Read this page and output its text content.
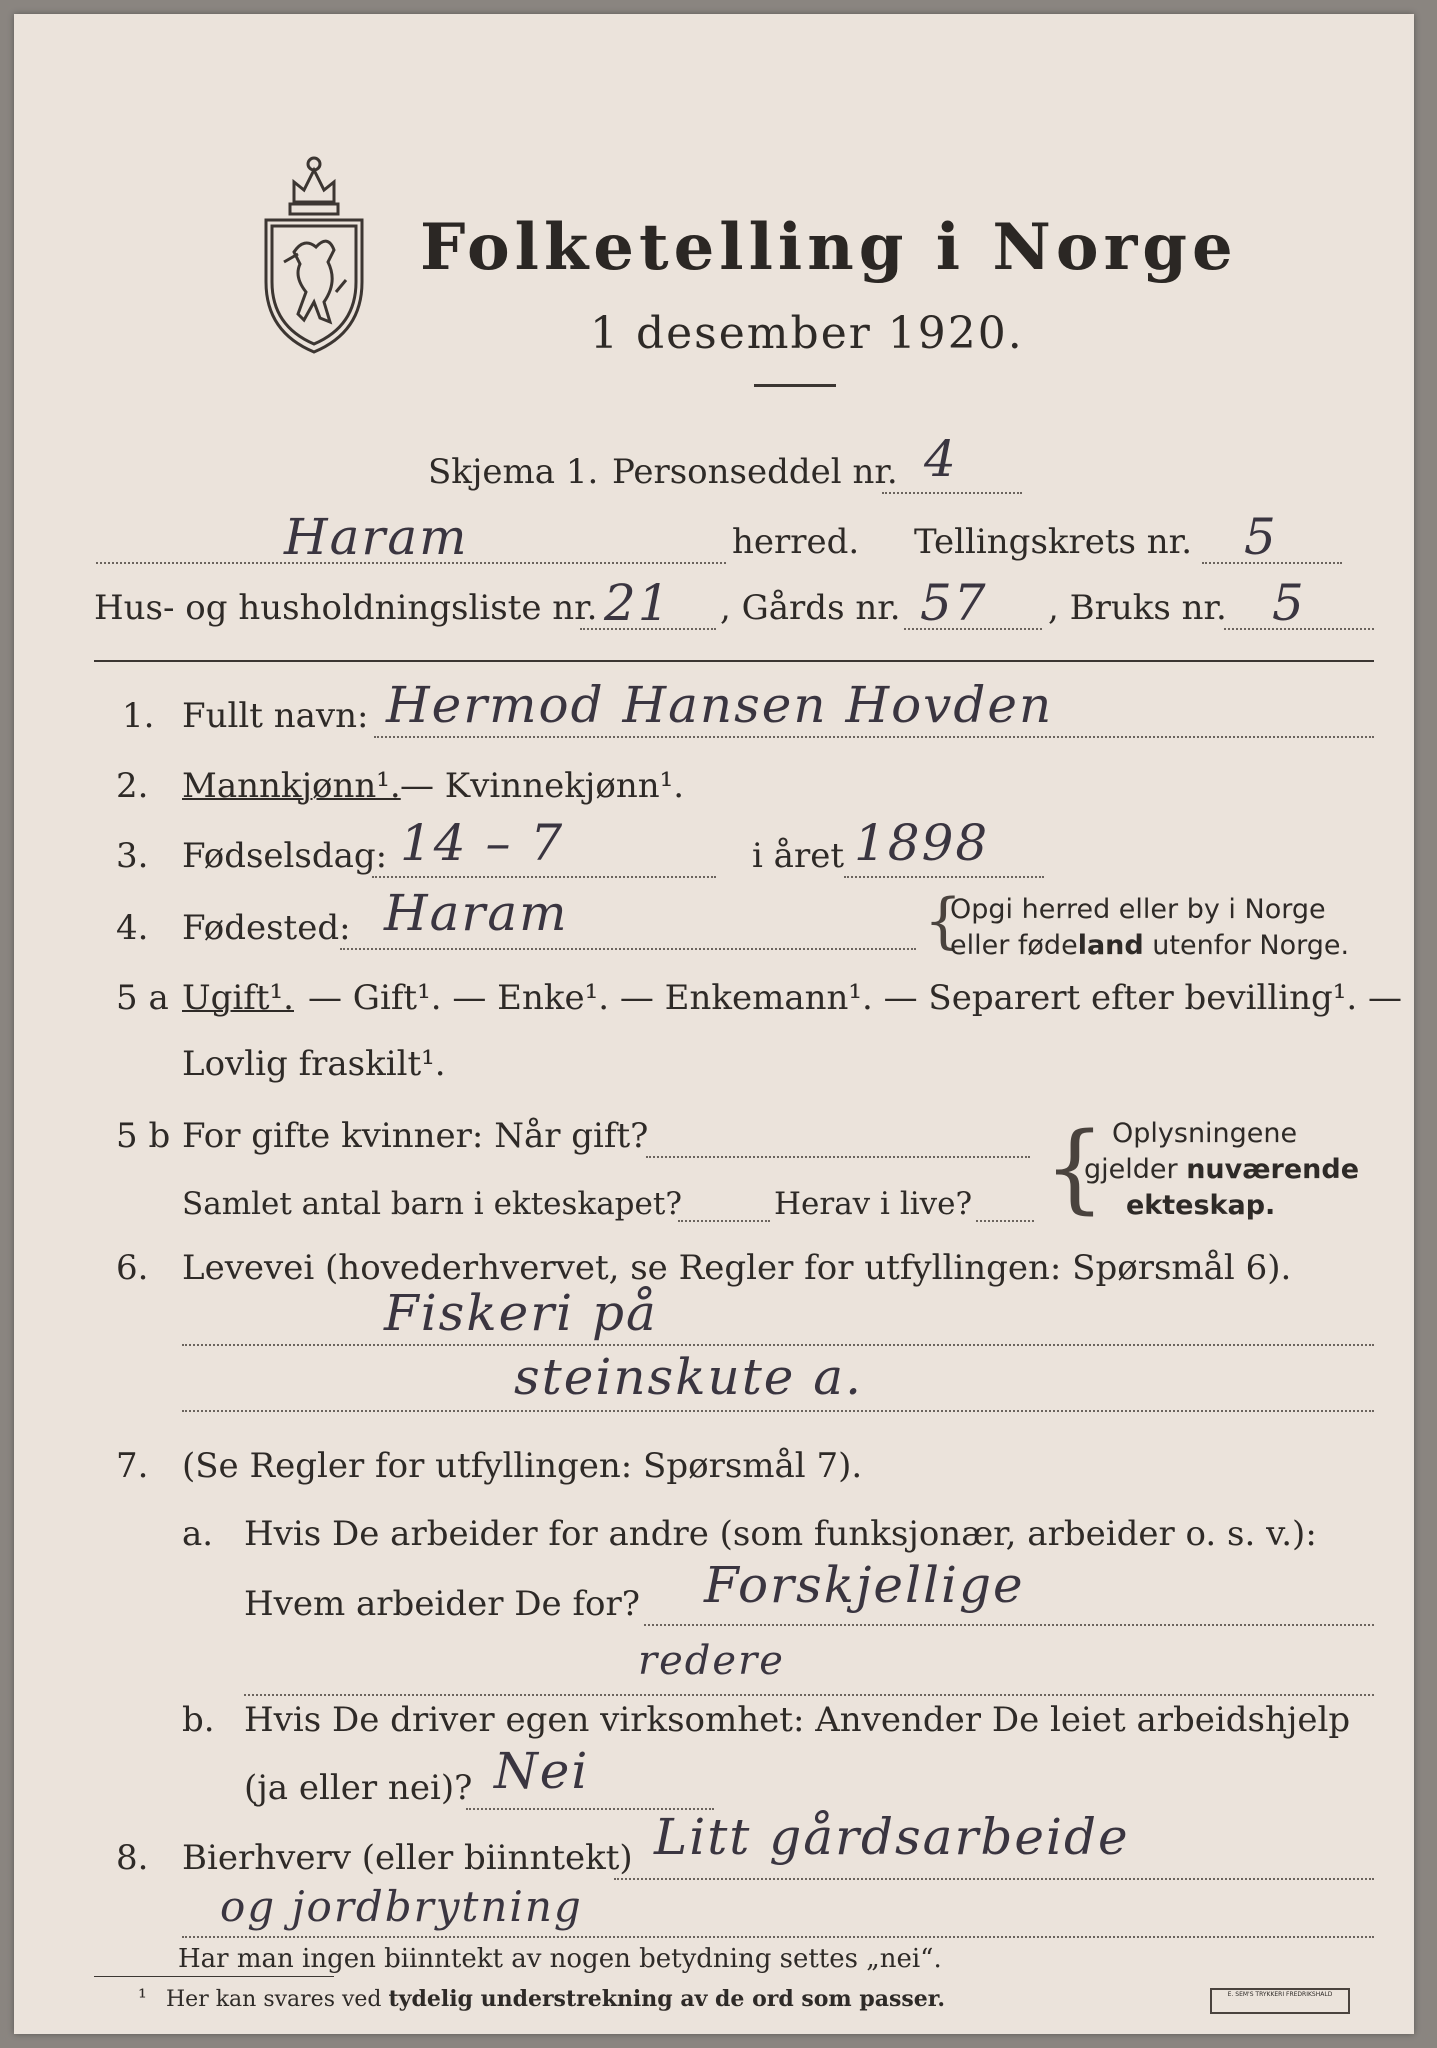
Folketelling i Norge
1 desember 1920.
Skjema 1. Personseddel nr. 4
Haram	herred. Tellingskrets nr. 5
Hus- og husholdningsliste nr. 21 , Gårds nr. 57 , Bruks nr. 5
1. Fullt navn: Hermod Hansen Hovden
2. Mannkjønn¹. — Kvinnekjønn¹.
3. Fødselsdag: 14 – 7	i året 1898
4. Fødested: Haram	{
Opgi herred eller by i Norge
eller fødeland utenfor Norge.
5 a Ugift¹. — Gift¹. — Enke¹. — Enkemann¹. — Separert efter bevilling¹. —
Lovlig fraskilt¹.
5 b For gifte kvinner: Når gift?
Samlet antal barn i ekteskapet?	Herav i live? { Oplysningene
gjelder nuværende
ekteskap.
6. Levevei (hovederhvervet, se Regler for utfyllingen: Spørsmål 6).
Fiskeri på
steinskute a.
7. (Se Regler for utfyllingen: Spørsmål 7).
a. Hvis De arbeider for andre (som funksjonær, arbeider o. s. v.):
Hvem arbeider De for? Forskjellige
redere
b. Hvis De driver egen virksomhet: Anvender De leiet arbeidshjelp
(ja eller nei)? Nei
8. Bierhverv (eller biinntekt) Litt gårdsarbeide
og jordbrytning
Har man ingen biinntekt av nogen betydning settes „nei“.
¹ Her kan svares ved tydelig understrekning av de ord som passer.	E. SEM'S TRYKKERI FREDRIKSHALD
